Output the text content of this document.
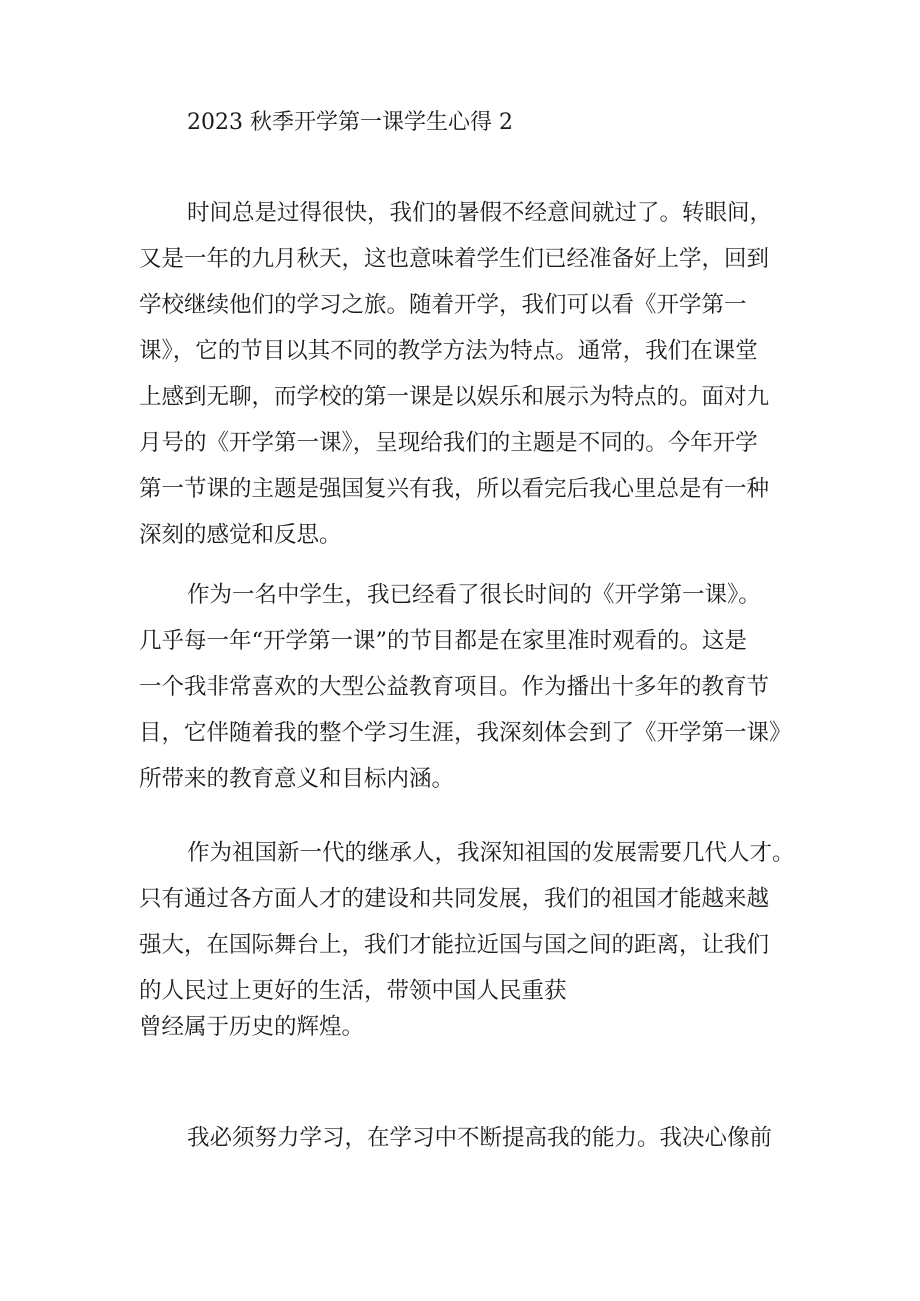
2023 秋季开学第一课学生心得 2
时间总是过得很快，我们的暑假不经意间就过了。转眼间，
又是一年的九月秋天，这也意味着学生们已经准备好上学，回到
学校继续他们的学习之旅。随着开学，我们可以看《开学第一
课》，它的节目以其不同的教学方法为特点。通常，我们在课堂
上感到无聊，而学校的第一课是以娱乐和展示为特点的。面对九
月号的《开学第一课》，呈现给我们的主题是不同的。今年开学
第一节课的主题是强国复兴有我，所以看完后我心里总是有一种
深刻的感觉和反思。
作为一名中学生，我已经看了很长时间的《开学第一课》。
几乎每一年“开学第一课”的节目都是在家里准时观看的。这是
一个我非常喜欢的大型公益教育项目。作为播出十多年的教育节
目，它伴随着我的整个学习生涯，我深刻体会到了《开学第一课》
所带来的教育意义和目标内涵。
作为祖国新一代的继承人，我深知祖国的发展需要几代人才。
只有通过各方面人才的建设和共同发展，我们的祖国才能越来越
强大，在国际舞台上，我们才能拉近国与国之间的距离，让我们
的人民过上更好的生活，带领中国人民重获
曾经属于历史的辉煌。
我必须努力学习，在学习中不断提高我的能力。我决心像前
